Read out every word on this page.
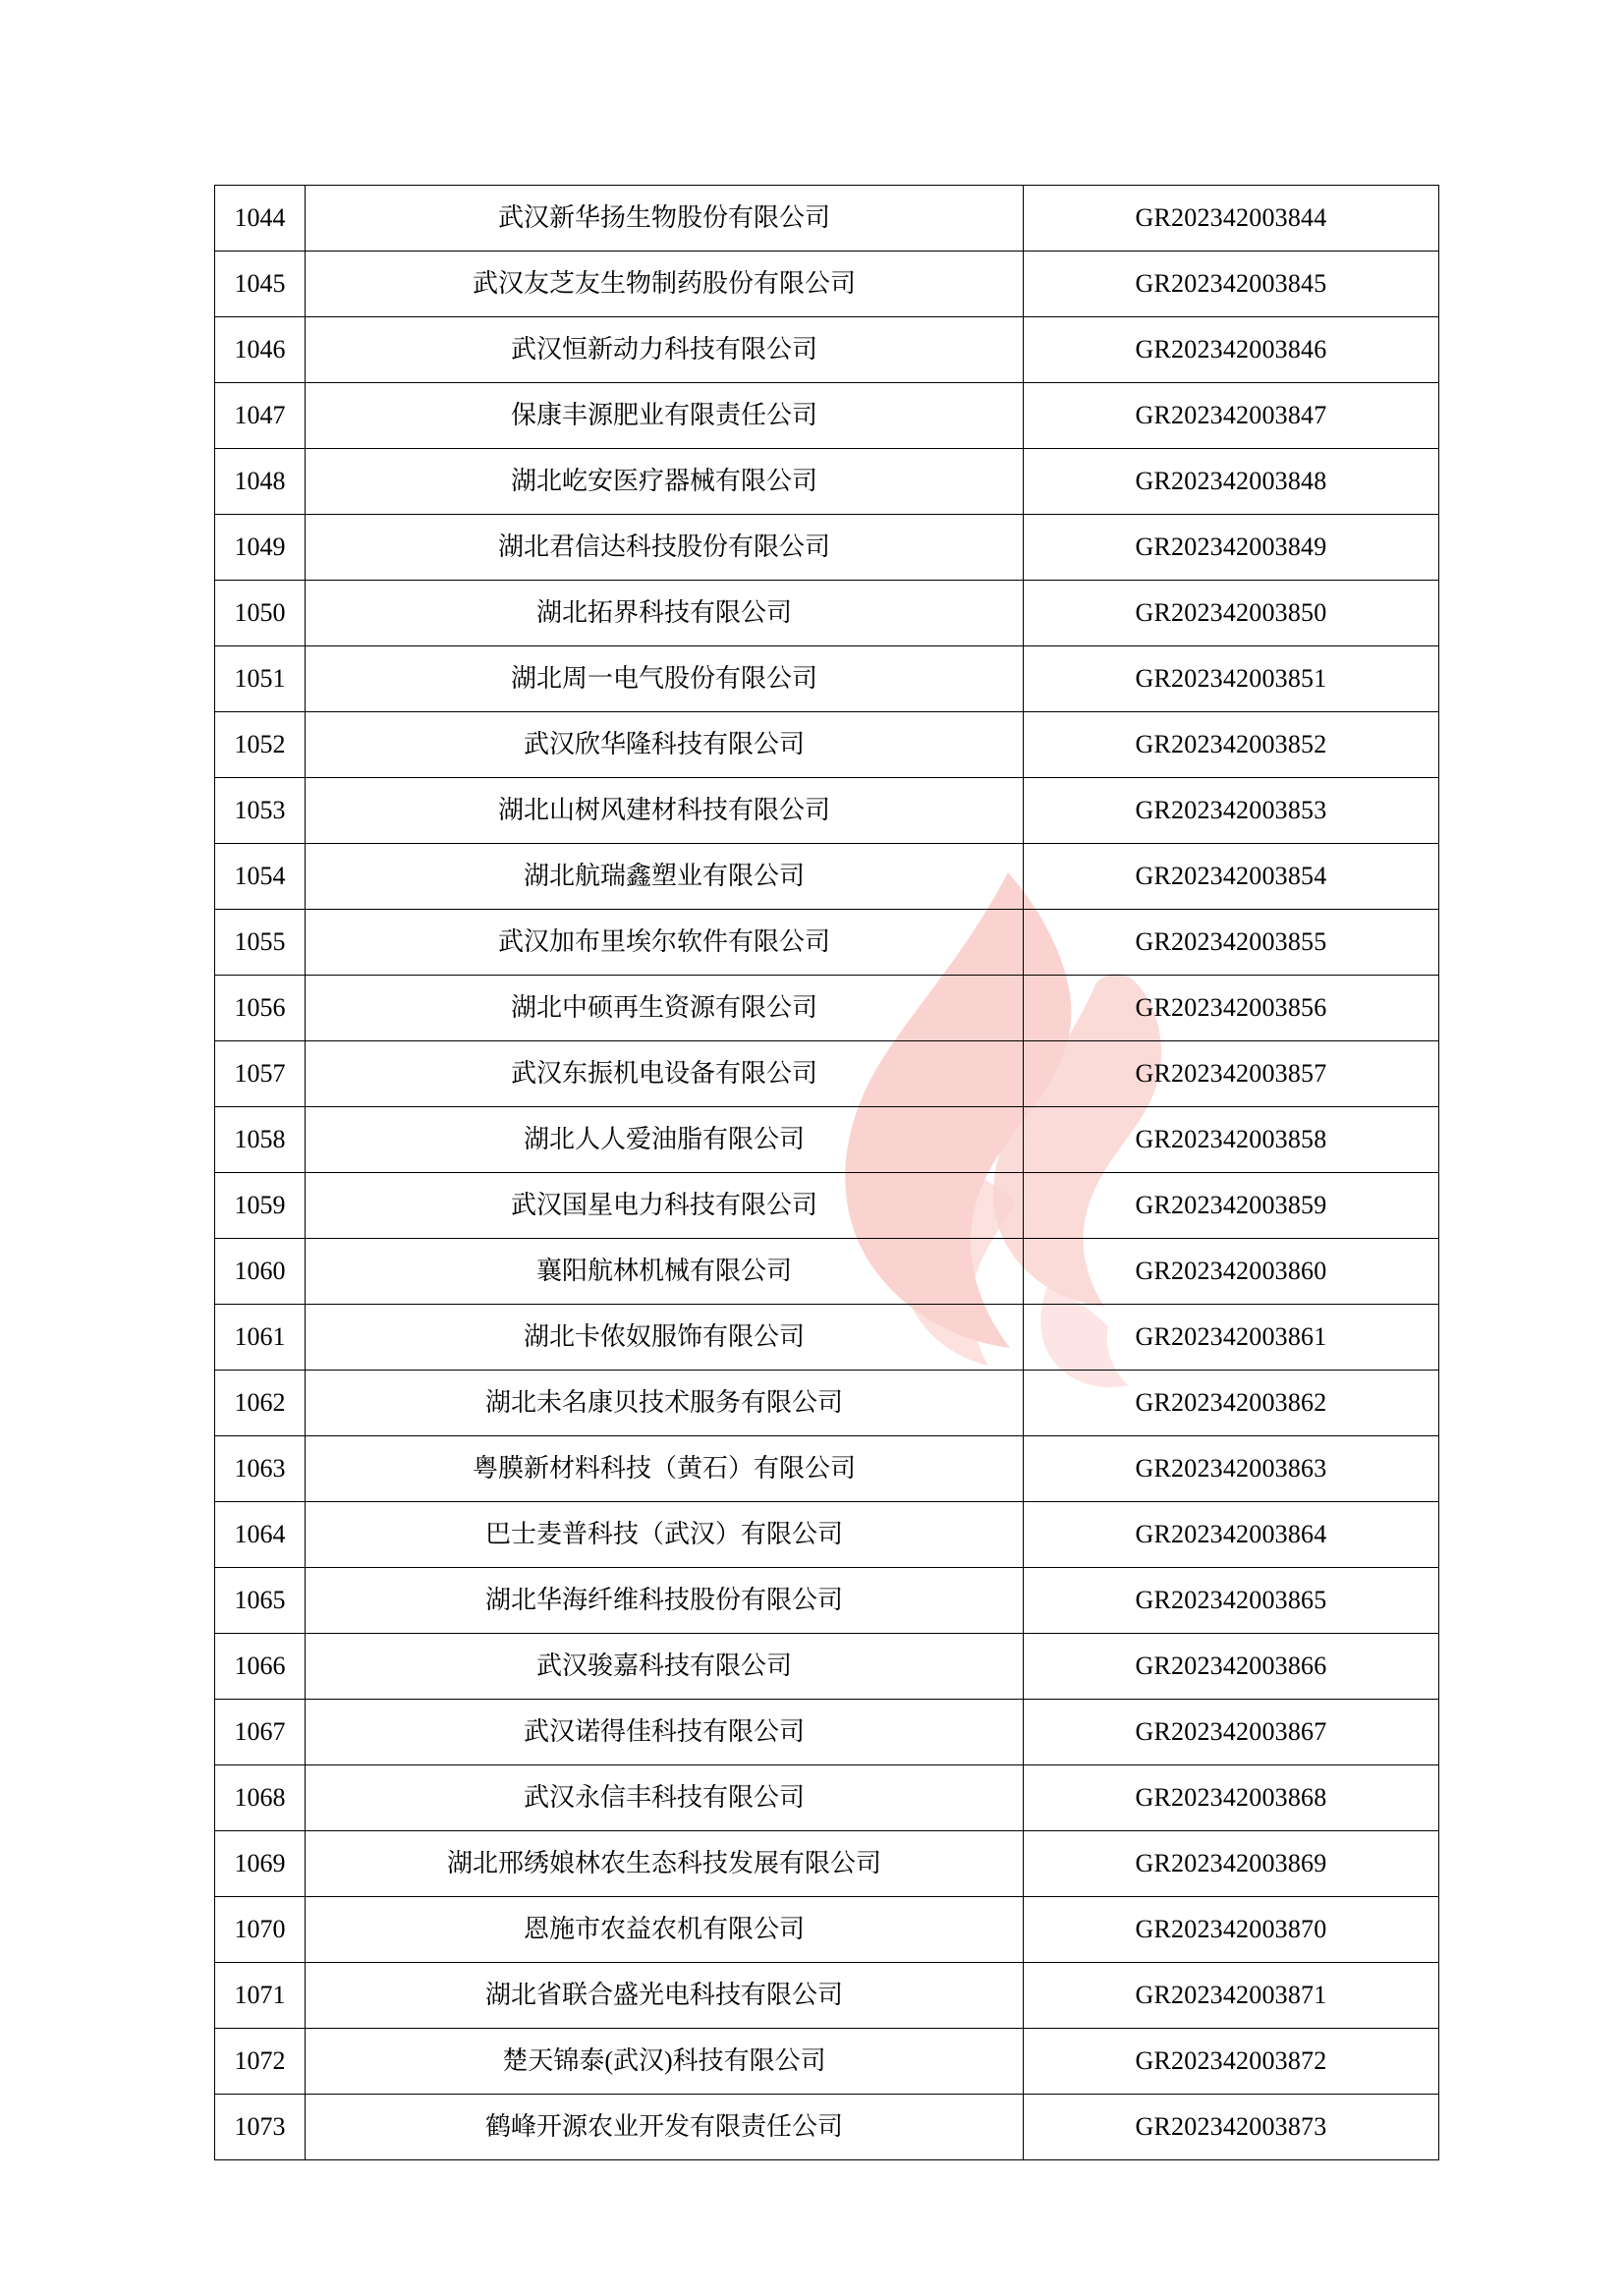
1044	武汉新华扬生物股份有限公司	GR202342003844
1045	武汉友芝友生物制药股份有限公司	GR202342003845
1046	武汉恒新动力科技有限公司	GR202342003846
1047	保康丰源肥业有限责任公司	GR202342003847
1048	湖北屹安医疗器械有限公司	GR202342003848
1049	湖北君信达科技股份有限公司	GR202342003849
1050	湖北拓界科技有限公司	GR202342003850
1051	湖北周一电气股份有限公司	GR202342003851
1052	武汉欣华隆科技有限公司	GR202342003852
1053	湖北山树风建材科技有限公司	GR202342003853
1054	湖北航瑞鑫塑业有限公司	GR202342003854
1055	武汉加布里埃尔软件有限公司	GR202342003855
1056	湖北中硕再生资源有限公司	GR202342003856
1057	武汉东振机电设备有限公司	GR202342003857
1058	湖北人人爱油脂有限公司	GR202342003858
1059	武汉国星电力科技有限公司	GR202342003859
1060	襄阳航林机械有限公司	GR202342003860
1061	湖北卡侬奴服饰有限公司	GR202342003861
1062	湖北未名康贝技术服务有限公司	GR202342003862
1063	粤膜新材料科技（黄石）有限公司	GR202342003863
1064	巴士麦普科技（武汉）有限公司	GR202342003864
1065	湖北华海纤维科技股份有限公司	GR202342003865
1066	武汉骏嘉科技有限公司	GR202342003866
1067	武汉诺得佳科技有限公司	GR202342003867
1068	武汉永信丰科技有限公司	GR202342003868
1069	湖北邢绣娘林农生态科技发展有限公司	GR202342003869
1070	恩施市农益农机有限公司	GR202342003870
1071	湖北省联合盛光电科技有限公司	GR202342003871
1072	楚天锦泰(武汉)科技有限公司	GR202342003872
1073	鹤峰开源农业开发有限责任公司	GR202342003873
